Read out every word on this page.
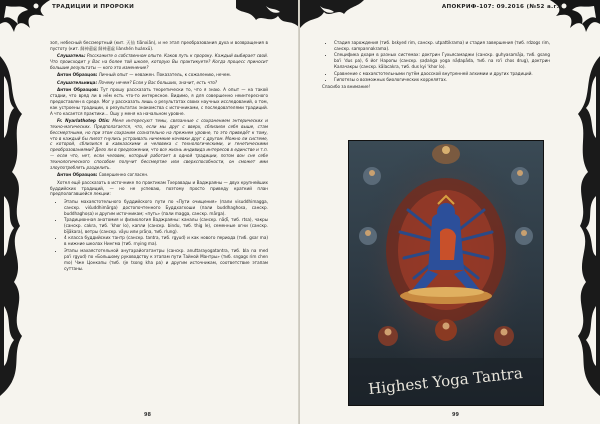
ТРАДИЦИИ И ПРОРОКИ

зоп, небесный бессмертный (кит. 天仙 tiānxiān), и не этап преобразования духа и возвращения в пустоту (кит. 歸神還虛 歸神還虛 liànshén huánxū).

Слушатель: Расскажите о собственном опыте. Каков путь к пророку. Каждый выбирает свой. Что происходит у Вас на более той школе, которую Вы практикуете? Когда процесс приносит большие результаты — кого это изменение?

Антон Образцов: Личный опыт — неважен. Показатель, к сожалению, нечем.

Слушательница: Почему нечем? Если у Вас больших, значит, есть что?

Антон Образцов: Тут прошу рассказать теоретически то, что я знаю. А опыт — на такой стадии, что вряд ли в нём есть что-то интересное. Видимо, я для совершенно неинтересного предоставлен в среде. Мог у рассказать лишь о результатах своих научных исследований, о том, как устроены традиции, о результатах знакомства с источниками, с последователями традиций. А что касается практики… Ошу у меня на начальном уровне.

Fr. Nyarlathotep Otis: Меня интересуют темы, связанные с сохранением энтерических и техно-магических. Предполагается, что, если мы друг с вверх, сблизили себя выше, стам бессмертными, но при этом сохраним сознательно на прежнем уровне, то это приведёт к тому, что в каждый бы пилот гнулись устраивать ничемкие кочевки друг с другом. Можно ли системе, с которой, сблизился в кавказскими и человека с технологическими, и генетическими преобразованиями? Дело ли в предложении, что все жизнь индивида интересов в единстве и т.п. — если что, нет, если человек, который работает в одной традиции, потом вон сне себе технологического способом получит бессмертие или сверхспособности, он сможет ими злоупотреблять разделить.

Антон Образцов: Совершенно согласен.

Хотел ещё рассказать в источнике по практикам Тхеравады и Ваджраяны — двух крупнейших буддийских традиций, — но не успеваю, поэтому просто приведу краткий план предполагавшейся лекции:

• Этапы махаястотельного буддийского пути по «Пути очищения» (пали visuddhimagga, санскр. viśuddhimārga) достопочтенного Буддхагхоши (пали buddhaghosa, санскр. buddhaghoṣa) и другим источникам; «путь» (пали magga, санскр. mārga).
• Традиционная анатомия и физиология Ваджраяны: каналы (санскр. nāḍī, тиб. rtsa), чакры (санскр. cakra, тиб. 'khor lo), капли (санскр. bindu, тиб. thig le), семенные огни (санскр. bījākara), ветры (санскр. vāyu или prāṇa, тиб. rlung).
• 4 класса буддийских тантр (санскр. tantra, тиб. rgyud) и как нового периода (тиб. gsar ma) в нижние школах Нингма (тиб. rnying ma).
• Этапы махаястотельной анутарайогатантры (санскр. anuttarayogatantra, тиб. bla na med pa'i rgyud) по «Большому руководству к этапам пути Тайной Мантры» (тиб. sngags rim chen mo) Чже Цонкапы (тиб. rje tsong kha pa) и другим источникам, соответствие этапам суттаны.
98
АПОКРИФ-107: 09.2016 (№52 а.г.)
• Стадия зарождения (тиб. bskyed rim, санскр. utpattikrama) и стадия завершения (тиб. rdzogs rim, санскр. sampannakrama).
• Специфика дхарм в разных системах: доктрин Гухьясамаджи (санскр. guhyasamāja, тиб. gsang ba'i 'dus pa), 6 йог Наропы (санскр. ṣaḍaṅga yoga nāḍapāda, тиб. na ro'i chos drug), доктрин Калачакры (санскр. kālacakra, тиб. dus kyi 'khor lo).
• Сравнение с махаястотельными путём даосской внутренней алхимии и других традиций.
• Гипотезы о возможных биологических коррелятах.

Спасибо за внимание!

Highest Yoga Tantra
99
